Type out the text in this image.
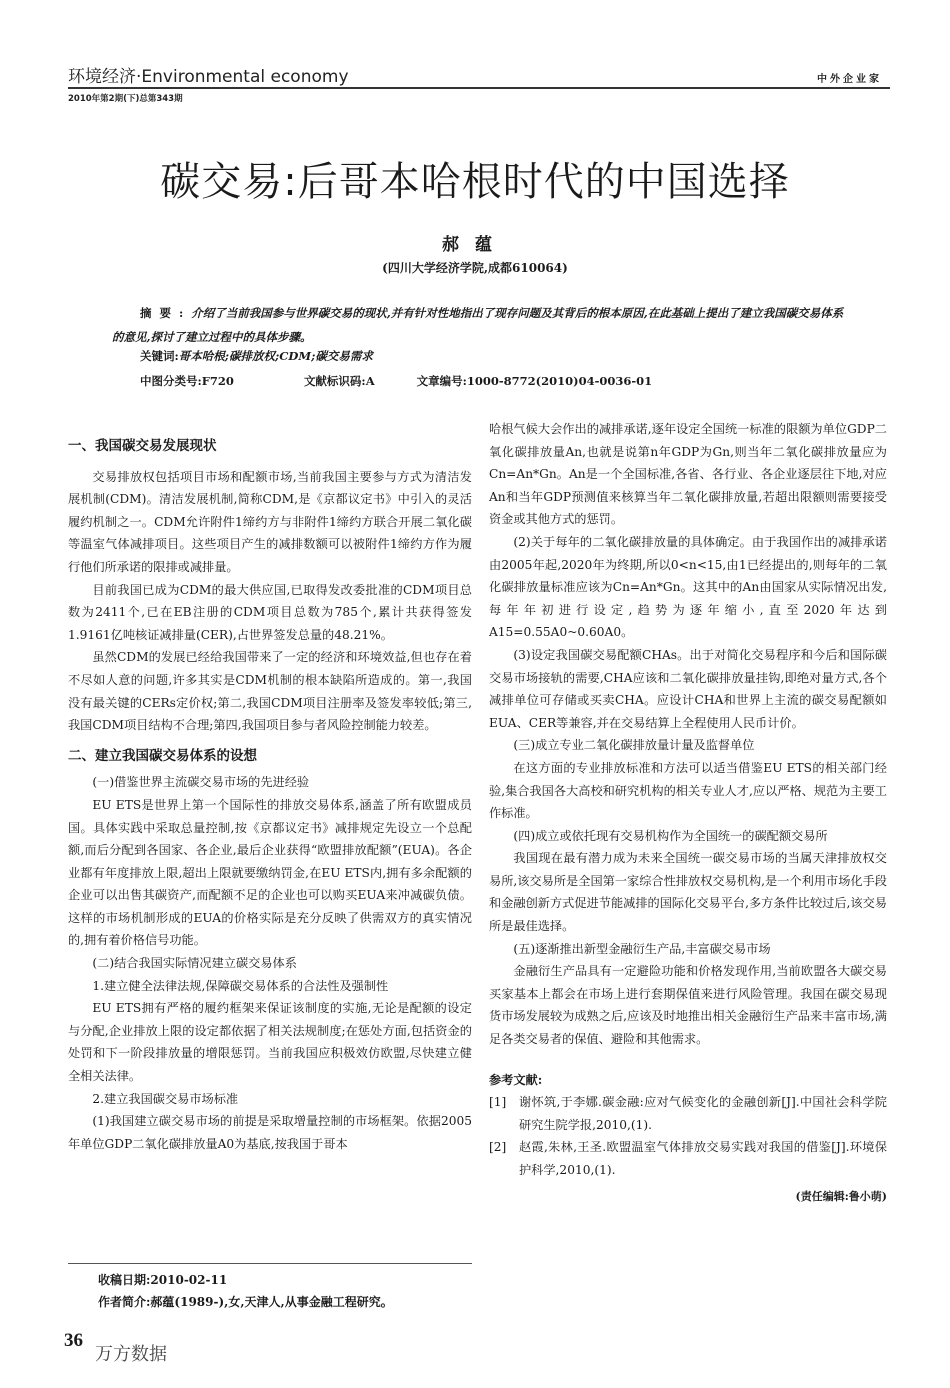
环境经济·Environmental economy	中外企业家
2010年第2期(下)总第343期
碳交易:后哥本哈根时代的中国选择
郝蕴
(四川大学经济学院,成都610064)
摘要:介绍了当前我国参与世界碳交易的现状,并有针对性地指出了现存问题及其背后的根本原因,在此基础上提出了建立我国碳交易体系的意见,探讨了建立过程中的具体步骤。
关键词:哥本哈根;碳排放权;CDM;碳交易需求
中图分类号:F720	文献标识码:A	文章编号:1000-8772(2010)04-0036-01
一、我国碳交易发展现状

交易排放权包括项目市场和配额市场,当前我国主要参与方式为清洁发展机制(CDM)。清洁发展机制,简称CDM,是《京都议定书》中引入的灵活履约机制之一。CDM允许附件1缔约方与非附件1缔约方联合开展二氧化碳等温室气体减排项目。这些项目产生的减排数额可以被附件1缔约方作为履行他们所承诺的限排或减排量。

目前我国已成为CDM的最大供应国,已取得发改委批准的CDM项目总数为2411个,已在EB注册的CDM项目总数为785个,累计共获得签发1.9161亿吨核证减排量(CER),占世界签发总量的48.21%。

虽然CDM的发展已经给我国带来了一定的经济和环境效益,但也存在着不尽如人意的问题,许多其实是CDM机制的根本缺陷所造成的。第一,我国没有最关键的CERs定价权;第二,我国CDM项目注册率及签发率较低;第三,我国CDM项目结构不合理;第四,我国项目参与者风险控制能力较差。

二、建立我国碳交易体系的设想

(一)借鉴世界主流碳交易市场的先进经验

EU ETS是世界上第一个国际性的排放交易体系,涵盖了所有欧盟成员国。具体实践中采取总量控制,按《京都议定书》减排规定先设立一个总配额,而后分配到各国家、各企业,最后企业获得“欧盟排放配额”(EUA)。各企业都有年度排放上限,超出上限就要缴纳罚金,在EU ETS内,拥有多余配额的企业可以出售其碳资产,而配额不足的企业也可以购买EUA来冲减碳负债。这样的市场机制形成的EUA的价格实际是充分反映了供需双方的真实情况的,拥有着价格信号功能。

(二)结合我国实际情况建立碳交易体系

1.建立健全法律法规,保障碳交易体系的合法性及强制性

EU ETS拥有严格的履约框架来保证该制度的实施,无论是配额的设定与分配,企业排放上限的设定都依据了相关法规制度;在惩处方面,包括资金的处罚和下一阶段排放量的增限惩罚。当前我国应积极效仿欧盟,尽快建立健全相关法律。

2.建立我国碳交易市场标准

(1)我国建立碳交易市场的前提是采取增量控制的市场框架。依据2005年单位GDP二氧化碳排放量A0为基底,按我国于哥本

哈根气候大会作出的减排承诺,逐年设定全国统一标准的限额为单位GDP二氧化碳排放量An,也就是说第n年GDP为Gn,则当年二氧化碳排放量应为Cn=An*Gn。An是一个全国标准,各省、各行业、各企业逐层往下地,对应An和当年GDP预测值来核算当年二氧化碳排放量,若超出限额则需要接受资金或其他方式的惩罚。

(2)关于每年的二氧化碳排放量的具体确定。由于我国作出的减排承诺由2005年起,2020年为终期,所以0<n<15,由1已经提出的,则每年的二氧化碳排放量标准应该为Cn=An*Gn。这其中的An由国家从实际情况出发,每年年初进行设定,趋势为逐年缩小,直至2020年达到A15=0.55A0~0.60A0。

(3)设定我国碳交易配额CHAs。出于对简化交易程序和今后和国际碳交易市场接轨的需要,CHA应该和二氧化碳排放量挂钩,即绝对量方式,各个减排单位可存储或买卖CHA。应设计CHA和世界上主流的碳交易配额如EUA、CER等兼容,并在交易结算上全程使用人民币计价。

(三)成立专业二氧化碳排放量计量及监督单位

在这方面的专业排放标准和方法可以适当借鉴EU ETS的相关部门经验,集合我国各大高校和研究机构的相关专业人才,应以严格、规范为主要工作标准。

(四)成立或依托现有交易机构作为全国统一的碳配额交易所

我国现在最有潜力成为未来全国统一碳交易市场的当属天津排放权交易所,该交易所是全国第一家综合性排放权交易机构,是一个利用市场化手段和金融创新方式促进节能减排的国际化交易平台,多方条件比较过后,该交易所是最佳选择。

(五)逐渐推出新型金融衍生产品,丰富碳交易市场

金融衍生产品具有一定避险功能和价格发现作用,当前欧盟各大碳交易买家基本上都会在市场上进行套期保值来进行风险管理。我国在碳交易现货市场发展较为成熟之后,应该及时地推出相关金融衍生产品来丰富市场,满足各类交易者的保值、避险和其他需求。

参考文献:
[1]	谢怀筑,于李娜.碳金融:应对气候变化的金融创新[J].中国社会科学院研究生院学报,2010,(1).
[2]	赵霞,朱林,王圣.欧盟温室气体排放交易实践对我国的借鉴[J].环境保护科学,2010,(1).
(责任编辑:鲁小萌)
收稿日期:2010-02-11
作者简介:郝蕴(1989-),女,天津人,从事金融工程研究。
36
万方数据
